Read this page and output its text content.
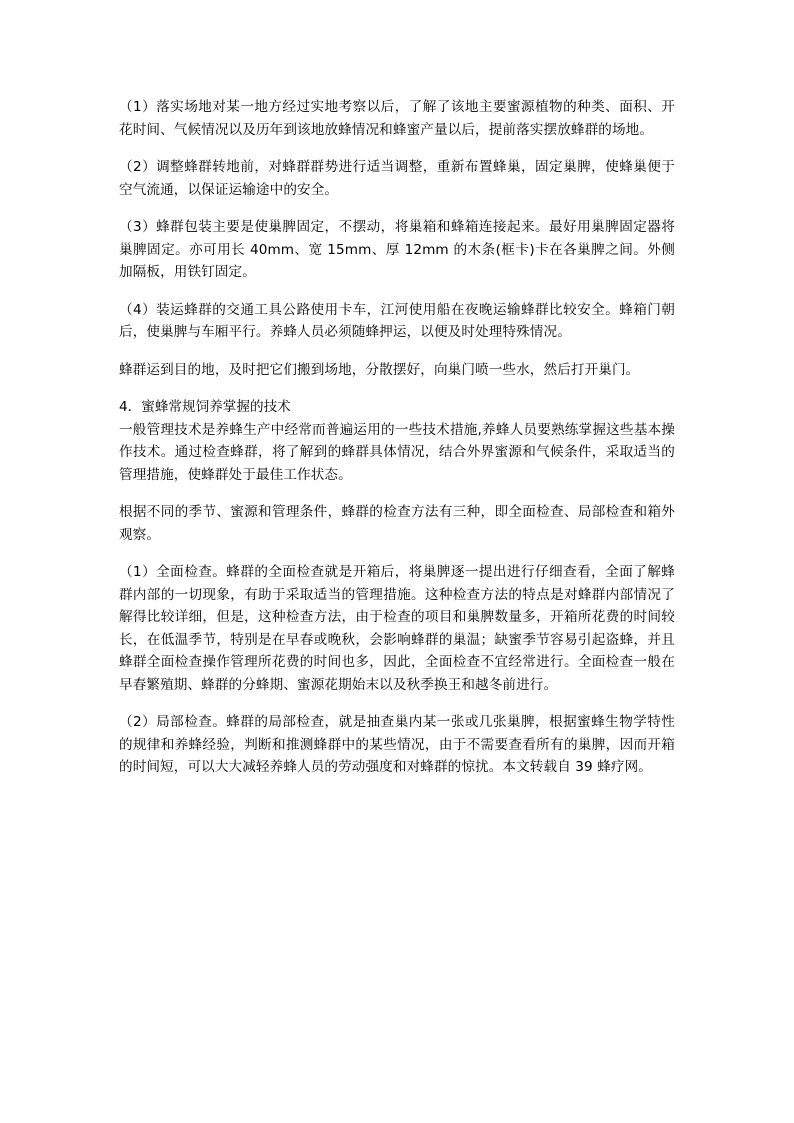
（1）落实场地对某一地方经过实地考察以后，了解了该地主要蜜源植物的种类、面积、开花时间、气候情况以及历年到该地放蜂情况和蜂蜜产量以后，提前落实摆放蜂群的场地。

（2）调整蜂群转地前，对蜂群群势进行适当调整，重新布置蜂巢，固定巢脾，使蜂巢便于空气流通，以保证运输途中的安全。

（3）蜂群包装主要是使巢脾固定，不摆动，将巢箱和蜂箱连接起来。最好用巢脾固定器将巢脾固定。亦可用长 40mm、宽 15mm、厚 12mm 的木条(框卡)卡在各巢脾之间。外侧加隔板，用铁钉固定。

（4）装运蜂群的交通工具公路使用卡车，江河使用船在夜晚运输蜂群比较安全。蜂箱门朝后，使巢脾与车厢平行。养蜂人员必须随蜂押运，以便及时处理特殊情况。

蜂群运到目的地，及时把它们搬到场地，分散摆好，向巢门喷一些水，然后打开巢门。

4．蜜蜂常规饲养掌握的技术

一般管理技术是养蜂生产中经常而普遍运用的一些技术措施,养蜂人员要熟练掌握这些基本操作技术。通过检查蜂群，将了解到的蜂群具体情况，结合外界蜜源和气候条件，采取适当的管理措施，使蜂群处于最佳工作状态。

根据不同的季节、蜜源和管理条件，蜂群的检查方法有三种，即全面检查、局部检查和箱外观察。

（1）全面检查。蜂群的全面检查就是开箱后，将巢脾逐一提出进行仔细查看，全面了解蜂群内部的一切现象，有助于采取适当的管理措施。这种检查方法的特点是对蜂群内部情况了解得比较详细，但是，这种检查方法，由于检查的项目和巢脾数量多，开箱所花费的时间较长，在低温季节，特别是在早春或晚秋，会影响蜂群的巢温；缺蜜季节容易引起盗蜂，并且蜂群全面检查操作管理所花费的时间也多，因此，全面检查不宜经常进行。全面检查一般在早春繁殖期、蜂群的分蜂期、蜜源花期始末以及秋季换王和越冬前进行。

（2）局部检查。蜂群的局部检查，就是抽查巢内某一张或几张巢脾，根据蜜蜂生物学特性的规律和养蜂经验，判断和推测蜂群中的某些情况，由于不需要查看所有的巢脾，因而开箱的时间短，可以大大减轻养蜂人员的劳动强度和对蜂群的惊扰。本文转载自 39 蜂疗网。
